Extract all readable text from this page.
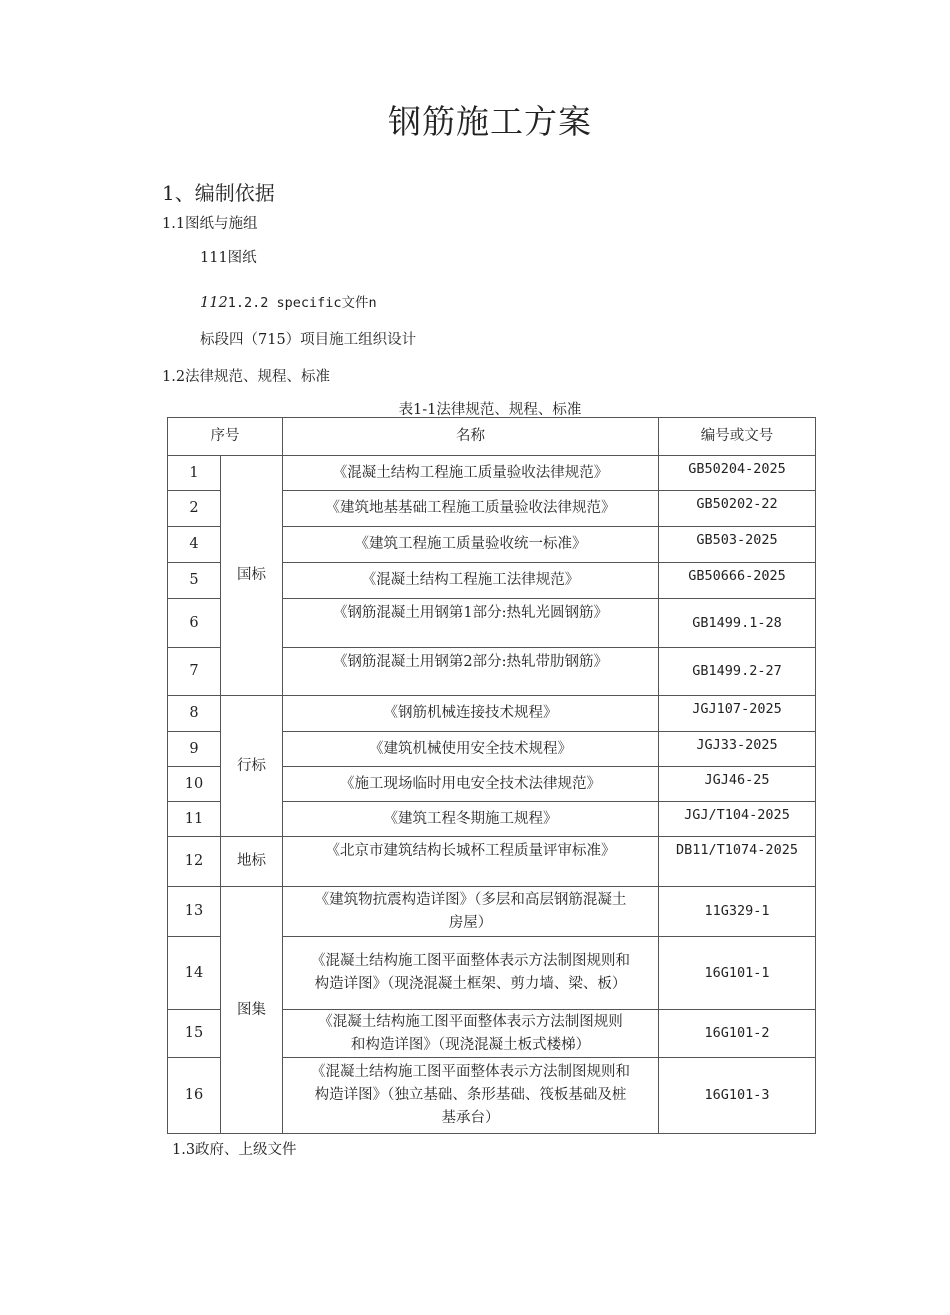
钢筋施工方案
1、编制依据
1.1图纸与施组
111图纸
1121.2.2 specific文件n
标段四（715）项目施工组织设计
1.2法律规范、规程、标准
表1-1法律规范、规程、标准
序号		名称	编号或文号
1	国标	《混凝土结构工程施工质量验收法律规范》	GB50204-2025
2		《建筑地基基础工程施工质量验收法律规范》	GB50202-22
4		《建筑工程施工质量验收统一标准》	GB503-2025
5		《混凝土结构工程施工法律规范》	GB50666-2025
6		《钢筋混凝土用钢第1部分:热轧光圆钢筋》	GB1499.1-28
7		《钢筋混凝土用钢第2部分:热轧带肋钢筋》	GB1499.2-27
8	行标	《钢筋机械连接技术规程》	JGJ107-2025
9		《建筑机械使用安全技术规程》	JGJ33-2025
10		《施工现场临时用电安全技术法律规范》	JGJ46-25
11		《建筑工程冬期施工规程》	JGJ/T104-2025
12	地标	《北京市建筑结构长城杯工程质量评审标准》	DB11/T1074-2025
13	图集	《建筑物抗震构造详图》（多层和高层钢筋混凝土
房屋）	11G329-1
14		《混凝土结构施工图平面整体表示方法制图规则和
构造详图》（现浇混凝土框架、剪力墙、梁、板）	16G101-1
15		《混凝土结构施工图平面整体表示方法制图规则
和构造详图》（现浇混凝土板式楼梯）	16G101-2
16		《混凝土结构施工图平面整体表示方法制图规则和
构造详图》（独立基础、条形基础、筏板基础及桩
基承台）	16G101-3
1.3政府、上级文件
